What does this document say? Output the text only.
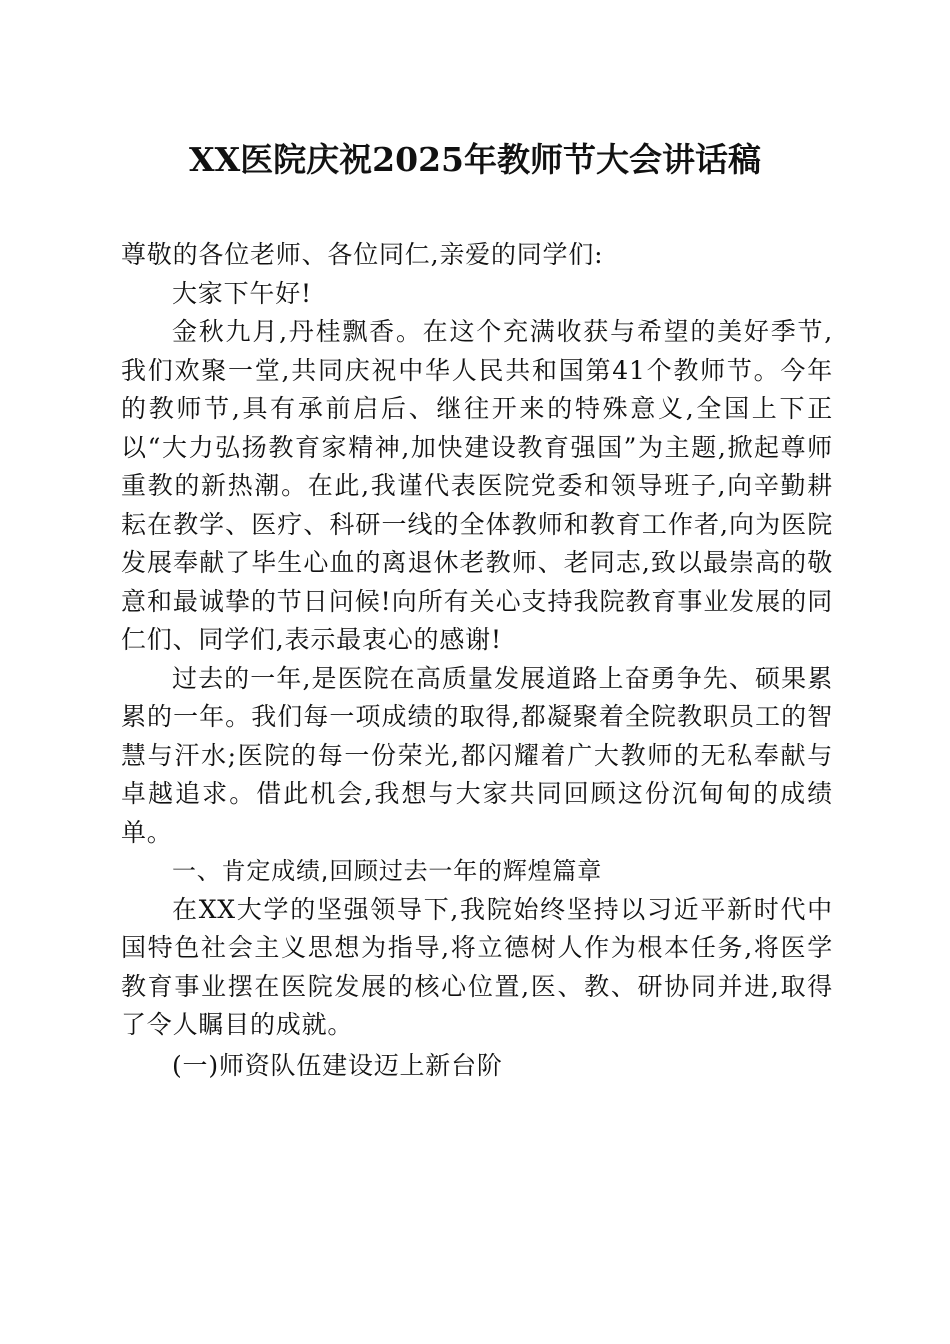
XX医院庆祝2025年教师节大会讲话稿

尊敬的各位老师、各位同仁,亲爱的同学们:

大家下午好!

金秋九月,丹桂飘香。在这个充满收获与希望的美好季节,我们欢聚一堂,共同庆祝中华人民共和国第41个教师节。今年的教师节,具有承前启后、继往开来的特殊意义,全国上下正以“大力弘扬教育家精神,加快建设教育强国”为主题,掀起尊师重教的新热潮。在此,我谨代表医院党委和领导班子,向辛勤耕耘在教学、医疗、科研一线的全体教师和教育工作者,向为医院发展奉献了毕生心血的离退休老教师、老同志,致以最崇高的敬意和最诚挚的节日问候!向所有关心支持我院教育事业发展的同仁们、同学们,表示最衷心的感谢!

过去的一年,是医院在高质量发展道路上奋勇争先、硕果累累的一年。我们每一项成绩的取得,都凝聚着全院教职员工的智慧与汗水;医院的每一份荣光,都闪耀着广大教师的无私奉献与卓越追求。借此机会,我想与大家共同回顾这份沉甸甸的成绩单。

一、肯定成绩,回顾过去一年的辉煌篇章

在XX大学的坚强领导下,我院始终坚持以习近平新时代中国特色社会主义思想为指导,将立德树人作为根本任务,将医学教育事业摆在医院发展的核心位置,医、教、研协同并进,取得了令人瞩目的成就。

(一)师资队伍建设迈上新台阶
